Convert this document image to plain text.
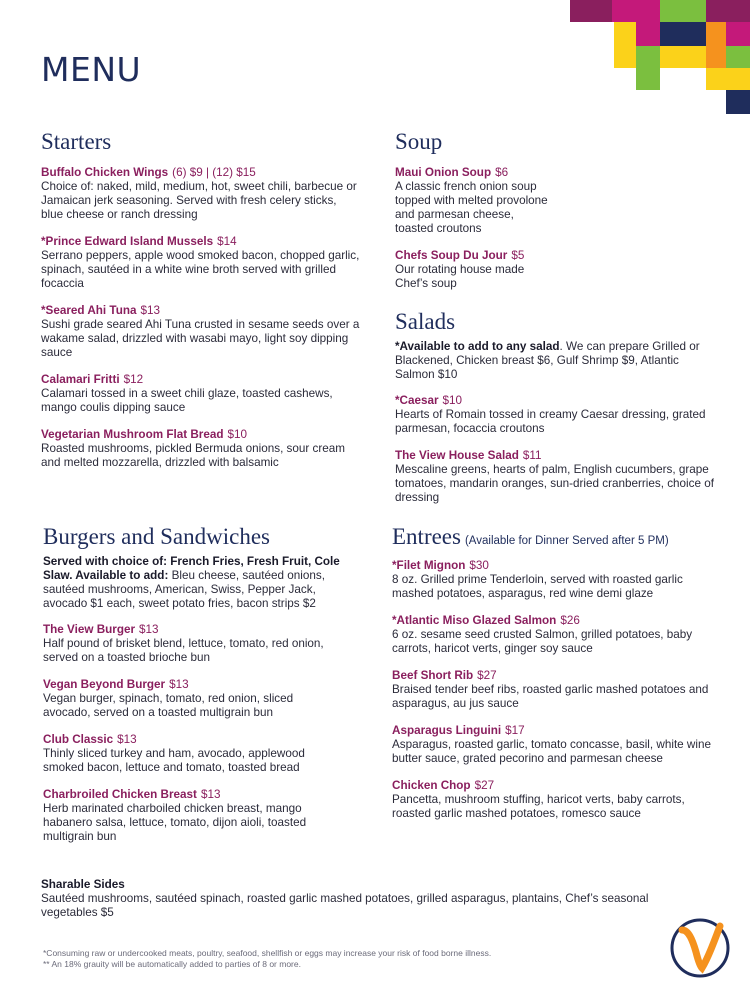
MENU
Starters
Buffalo Chicken Wings (6) $9 | (12) $15
Choice of: naked, mild, medium, hot, sweet chili, barbecue or Jamaican jerk seasoning. Served with fresh celery sticks, blue cheese or ranch dressing
*Prince Edward Island Mussels $14
Serrano peppers, apple wood smoked bacon, chopped garlic, spinach, sautéed in a white wine broth served with grilled focaccia
*Seared Ahi Tuna $13
Sushi grade seared Ahi Tuna crusted in sesame seeds over a wakame salad, drizzled with wasabi mayo, light soy dipping sauce
Calamari Fritti $12
Calamari tossed in a sweet chili glaze, toasted cashews, mango coulis dipping sauce
Vegetarian Mushroom Flat Bread $10
Roasted mushrooms, pickled Bermuda onions, sour cream and melted mozzarella, drizzled with balsamic
Soup
Maui Onion Soup $6
A classic french onion soup topped with melted provolone and parmesan cheese, toasted croutons
Chefs Soup Du Jour $5
Our rotating house made Chef’s soup
Salads
*Available to add to any salad. We can prepare Grilled or Blackened, Chicken breast $6, Gulf Shrimp $9, Atlantic Salmon $10
*Caesar $10
Hearts of Romain tossed in creamy Caesar dressing, grated parmesan, focaccia croutons
The View House Salad $11
Mescaline greens, hearts of palm, English cucumbers, grape tomatoes, mandarin oranges, sun-dried cranberries, choice of dressing
Burgers and Sandwiches
Served with choice of: French Fries, Fresh Fruit, Cole Slaw. Available to add: Bleu cheese, sautéed onions, sautéed mushrooms, American, Swiss, Pepper Jack, avocado $1 each, sweet potato fries, bacon strips $2
The View Burger $13
Half pound of brisket blend, lettuce, tomato, red onion, served on a toasted brioche bun
Vegan Beyond Burger $13
Vegan burger, spinach, tomato, red onion, sliced avocado, served on a toasted multigrain bun
Club Classic $13
Thinly sliced turkey and ham, avocado, applewood smoked bacon, lettuce and tomato, toasted bread
Charbroiled Chicken Breast $13
Herb marinated charboiled chicken breast, mango habanero salsa, lettuce, tomato, dijon aioli, toasted multigrain bun
Entrees (Available for Dinner Served after 5 PM)
*Filet Mignon $30
8 oz. Grilled prime Tenderloin, served with roasted garlic mashed potatoes, asparagus, red wine demi glaze
*Atlantic Miso Glazed Salmon $26
6 oz. sesame seed crusted Salmon, grilled potatoes, baby carrots, haricot verts, ginger soy sauce
Beef Short Rib $27
Braised tender beef ribs, roasted garlic mashed potatoes and asparagus, au jus sauce
Asparagus Linguini $17
Asparagus, roasted garlic, tomato concasse, basil, white wine butter sauce, grated pecorino and parmesan cheese
Chicken Chop $27
Pancetta, mushroom stuffing, haricot verts, baby carrots, roasted garlic mashed potatoes, romesco sauce
Sharable Sides
Sautéed mushrooms, sautéed spinach, roasted garlic mashed potatoes, grilled asparagus, plantains, Chef’s seasonal vegetables $5
*Consuming raw or undercooked meats, poultry, seafood, shellfish or eggs may increase your risk of food borne illness.
** An 18% grauity will be automatically added to parties of 8 or more.
